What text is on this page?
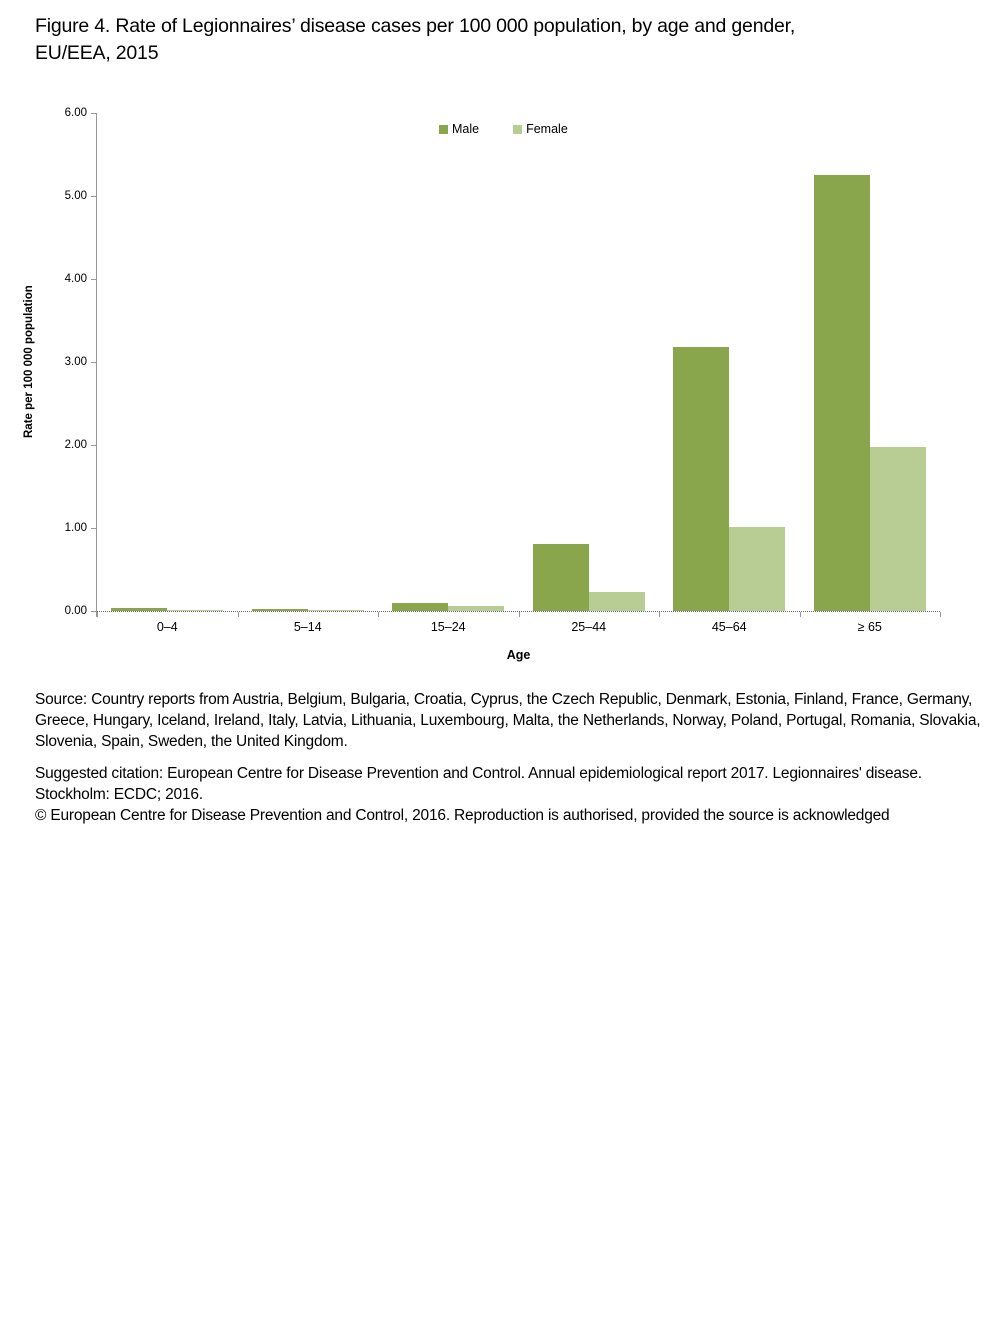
Figure 4. Rate of Legionnaires’ disease cases per 100 000 population, by age and gender,
EU/EEA, 2015
Male	Female
Rate per 100 000 population
0.00
1.00
2.00
3.00
4.00
5.00
6.00
0–4	5–14	15–24	25–44	45–64	≥ 65
Age
Source: Country reports from Austria, Belgium, Bulgaria, Croatia, Cyprus, the Czech Republic, Denmark, Estonia, Finland, France, Germany, Greece, Hungary, Iceland, Ireland, Italy, Latvia, Lithuania, Luxembourg, Malta, the Netherlands, Norway, Poland, Portugal, Romania, Slovakia, Slovenia, Spain, Sweden, the United Kingdom.
Suggested citation: European Centre for Disease Prevention and Control. Annual epidemiological report 2017. Legionnaires' disease. Stockholm: ECDC; 2016.
© European Centre for Disease Prevention and Control, 2016. Reproduction is authorised, provided the source is acknowledged
